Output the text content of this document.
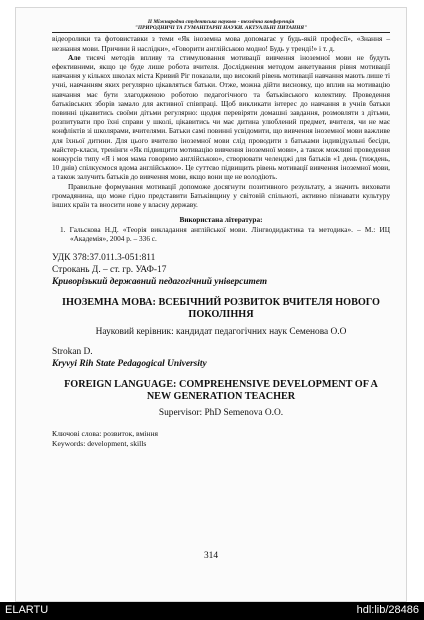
II Міжнародна студентська науково - технічна конференція
"ПРИРОДНИЧІ ТА ГУМАНІТАРНІ НАУКИ. АКТУАЛЬНІ ПИТАННЯ"

відеоролики та фотовиставки з теми «Як іноземна мова допомагає у будь-якій професії», «Знання – незнання мови. Причини й наслідки», «Говорити англійською модно! Будь у тренді!» і т. д.

Але тисячі методів впливу та стимулювання мотивації вивчення іноземної мови не будуть ефективними, якщо це буде лише робота вчителя. Дослідження методом анкетування рівня мотивації навчання у кількох школах міста Кривий Ріг показали, що високий рівень мотивації навчання мають лише ті учні, навчанням яких регулярно цікавляться батьки. Отже, можна дійти висновку, що вплив на мотивацію навчання має бути злагодженою роботою педагогічного та батьківського колективу. Проведення батьківських зборів замало для активної співпраці. Щоб викликати інтерес до навчання в учнів батьки повинні цікавитись своїми дітьми регулярно: щодня перевіряти домашні завдання, розмовляти з дітьми, розпитувати про їхні справи у школі, цікавитись чи має дитина улюблений предмет, вчителя, чи не має конфліктів зі школярами, вчителями. Батьки самі повинні усвідомити, що вивчення іноземної мови важливе для їхньої дитини. Для цього вчителю іноземної мови слід проводити з батьками індивідуальні бесіди, майстер-класи, тренінги «Як підвищити мотивацію вивчення іноземної мови», а також можливі проведення конкурсів типу «Я і моя мама говоримо англійською», створювати челенджі для батьків «1 день (тиждень, 10 днів) спілкуємося вдома англійською». Це суттєво підвищить рівень мотивації вивчення іноземної мови, а також залучить батьків до вивчення мови, якщо вони ще не володіють.

Правильне формування мотивації допоможе досягнути позитивного результату, а значить виховати громадянина, що може гідно представити Батьківщину у світовій спільноті, активно пізнавати культуру інших країн та вносити нове у власну державу.

Використана література:
1. Гальскова Н.Д. «Теорія викладання англійської мови. Лінгводидактика та методика». – М.: ИЦ «Академія», 2004 р. – 336 с.
УДК 378:37.011.3-051:811
Строкань Д. – ст. гр. УАФ-17
Криворізький державний педагогічний університет
ІНОЗЕМНА МОВА: ВСЕБІЧНИЙ РОЗВИТОК ВЧИТЕЛЯ НОВОГО ПОКОЛІННЯ
Науковий керівник: кандидат педагогічних наук Семенова О.О
Strokan D.
Kryvyi Rih State Pedagogical University
FOREIGN LANGUAGE: COMPREHENSIVE DEVELOPMENT OF A NEW GENERATION TEACHER
Supervisor: PhD Semenova O.O.
Ключові слова: розвиток, вміння
Keywords: development, skills
314
ELARTU	hdl:lib/28486
